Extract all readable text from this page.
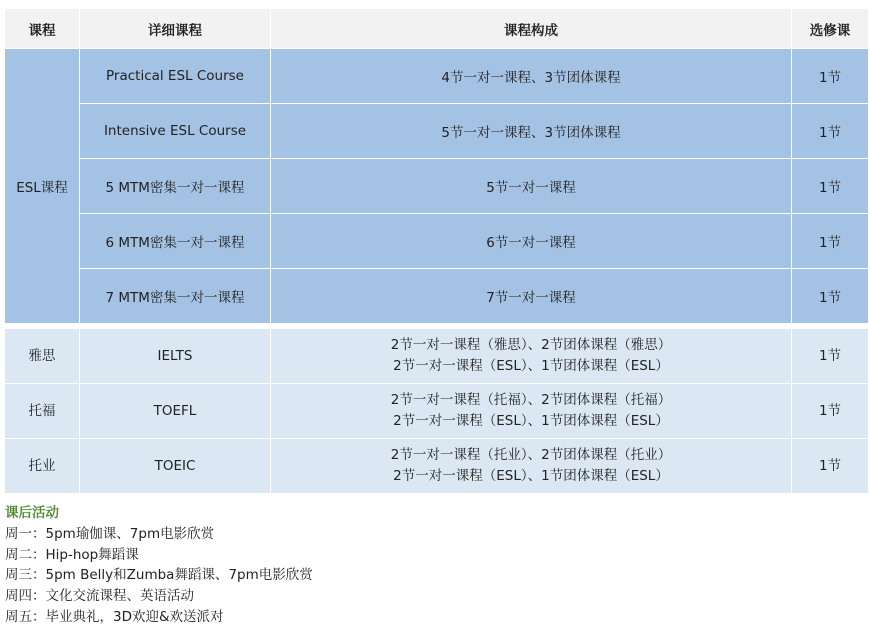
课程	详细课程	课程构成	选修课
ESL课程	Practical ESL Course	4节一对一课程、3节团体课程	1节
	Intensive ESL Course	5节一对一课程、3节团体课程	1节
	5 MTM密集一对一课程	5节一对一课程	1节
	6 MTM密集一对一课程	6节一对一课程	1节
	7 MTM密集一对一课程	7节一对一课程	1节

雅思	IELTS	2节一对一课程（雅思）、2节团体课程（雅思）
2节一对一课程（ESL）、1节团体课程（ESL）	1节
托福	TOEFL	2节一对一课程（托福）、2节团体课程（托福）
2节一对一课程（ESL）、1节团体课程（ESL）	1节
托业	TOEIC	2节一对一课程（托业）、2节团体课程（托业）
2节一对一课程（ESL）、1节团体课程（ESL）	1节
课后活动
周一：5pm瑜伽课、7pm电影欣赏
周二：Hip-hop舞蹈课
周三：5pm Belly和Zumba舞蹈课、7pm电影欣赏
周四：文化交流课程、英语活动
周五：毕业典礼，3D欢迎&欢送派对
